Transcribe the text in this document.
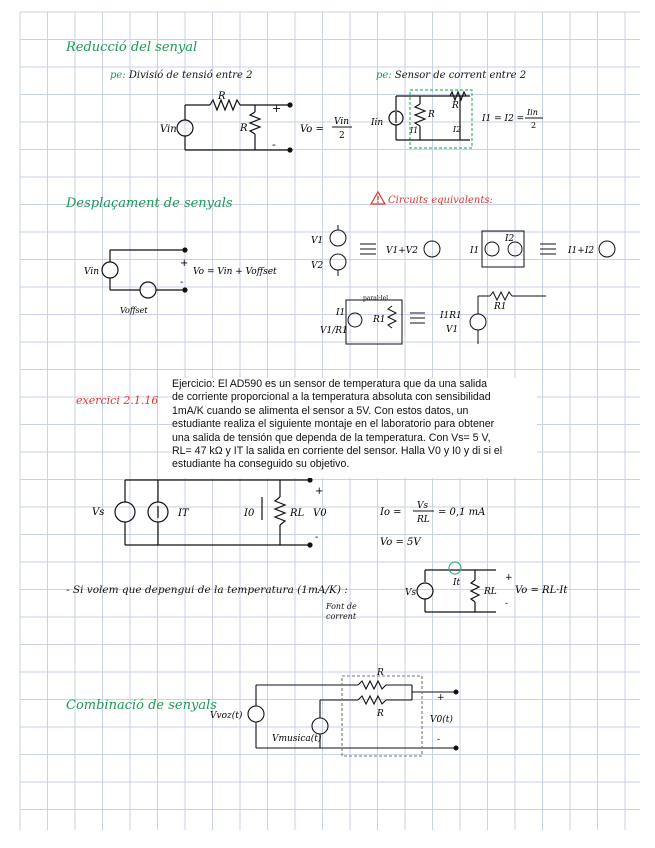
Reducció del senyal
pe: Divisió de tensió entre 2	pe: Sensor de corrent entre 2
Vin
R
R
+
-
Vo =
Vin
2
Iin
R
R
I1	I2
I1 = I2 =
Iin
2
Vin
Voffset
+
-
Vo = Vin + Voffset
V1
V2
V1+V2	I1
I2
I1+I2
I1
V1/R1
paral·lel
R1	I1R1
V1
R1
Vs	IT	I0	RL V0
+
-
Io =
Vs
RL
= 0,1 mA
Vo = 5V
Vs
It
RL
+
-
Vo = RL·It
Vvoz(t)
Vmusica(t)
R
R
+
-
V0(t)
Desplaçament de senyals	Circuits equivalents:
exercici 2.1.16
Ejercicio: El AD590 es un sensor de temperatura que da una salida
de corriente proporcional a la temperatura absoluta con sensibilidad
1mA/K cuando se alimenta el sensor a 5V. Con estos datos, un
estudiante realiza el siguiente montaje en el laboratorio para obtener
una salida de tensión que dependa de la temperatura. Con Vs= 5 V,
RL= 47 kΩ y IT la salida en corriente del sensor. Halla V0 y I0 y di si el
estudiante ha conseguido su objetivo.
- Si volem que depengui de la temperatura (1mA/K) :
Font de
corrent
Combinació de senyals
